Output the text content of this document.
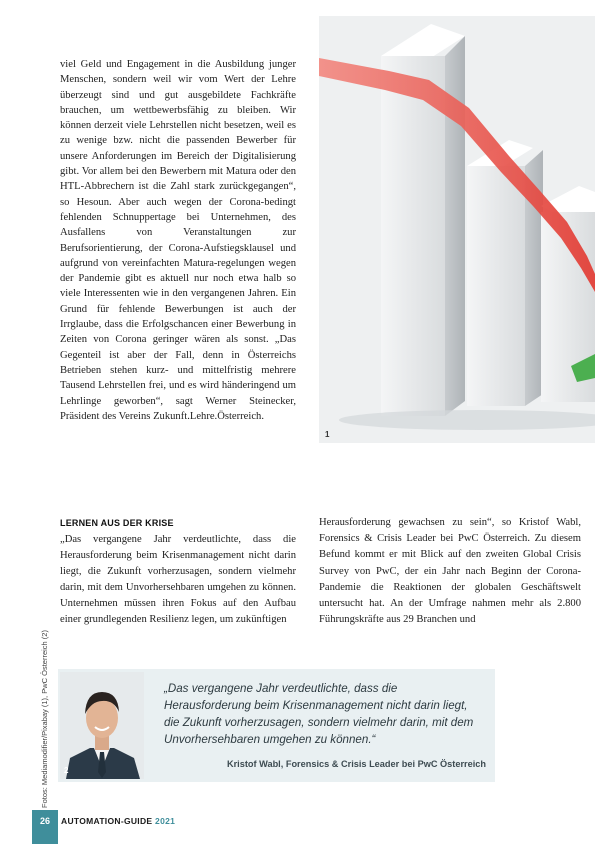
viel Geld und Engagement in die Ausbildung junger Menschen, sondern weil wir vom Wert der Lehre überzeugt sind und gut ausgebildete Fachkräfte brauchen, um wettbewerbsfähig zu bleiben. Wir können derzeit viele Lehrstellen nicht besetzen, weil es zu wenige bzw. nicht die passenden Bewerber für unsere Anforderungen im Bereich der Digitalisierung gibt. Vor allem bei den Bewerbern mit Matura oder den HTL-Abbrechern ist die Zahl stark zurückgegangen“, so Hesoun. Aber auch wegen der Corona-bedingt fehlenden Schnuppertage bei Unternehmen, des Ausfallens von Veranstaltungen zur Berufsorientierung, der Corona-Aufstiegsklausel und aufgrund von vereinfachten Matura-regelungen wegen der Pandemie gibt es aktuell nur noch etwa halb so viele Interessenten wie in den vergangenen Jahren. Ein Grund für fehlende Bewerbungen ist auch der Irrglaube, dass die Erfolgschancen einer Bewerbung in Zeiten von Corona geringer wären als sonst. „Das Gegenteil ist aber der Fall, denn in Österreichs Betrieben stehen kurz- und mittelfristig mehrere Tausend Lehrstellen frei, und es wird händeringend um Lehrlinge geworben“, sagt Werner Steinecker, Präsident des Vereins Zukunft.Lehre.Österreich.
1
LERNEN AUS DER KRISE
„Das vergangene Jahr verdeutlichte, dass die Herausforderung beim Krisenmanagement nicht darin liegt, die Zukunft vorherzusagen, sondern vielmehr darin, mit dem Unvorhersehbaren umgehen zu können. Unternehmen müssen ihren Fokus auf den Aufbau einer grundlegenden Resilienz legen, um zukünftigen
Herausforderung gewachsen zu sein“, so Kristof Wabl, Forensics & Crisis Leader bei PwC Österreich. Zu diesem Befund kommt er mit Blick auf den zweiten Global Crisis Survey von PwC, der ein Jahr nach Beginn der Corona-Pandemie die Reaktionen der globalen Geschäftswelt untersucht hat. An der Umfrage nahmen mehr als 2.800 Führungskräfte aus 29 Branchen und
Fotos: Mediamodifier/Pixabay (1), PwC Österreich (2) 2
„Das vergangene Jahr verdeutlichte, dass die Herausforderung beim Krisenmanagement nicht darin liegt, die Zukunft vorherzusagen, sondern vielmehr darin, mit dem Unvorhersehbaren umgehen zu können.“
Kristof Wabl, Forensics & Crisis Leader bei PwC Österreich
26	AUTOMATION-GUIDE 2021
